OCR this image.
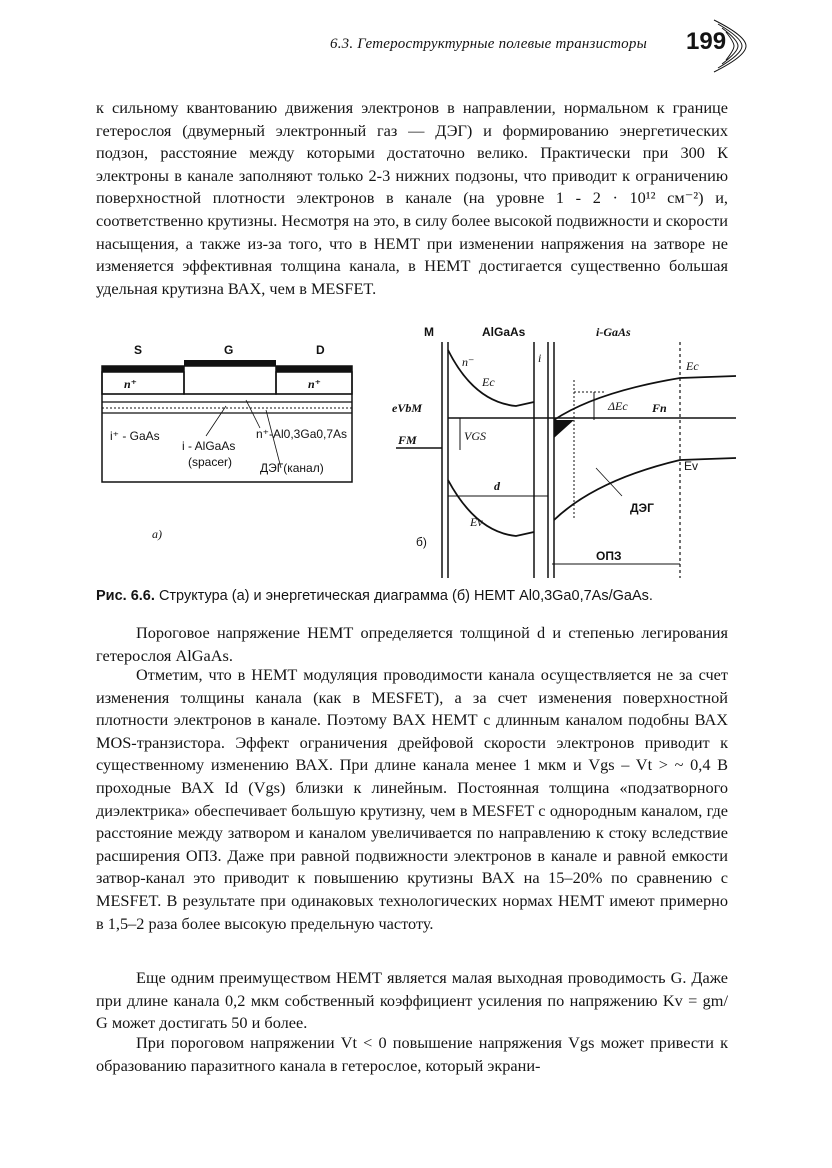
6.3. Гетероструктурные полевые транзисторы 199

к сильному квантованию движения электронов в направлении, нормальном к границе гетерослоя (двумерный электронный газ — ДЭГ) и формированию энергетических подзон, расстояние между которыми достаточно велико. Практически при 300 К электроны в канале заполняют только 2-3 нижних подзоны, что приводит к ограничению поверхностной плотности электронов в канале (на уровне 1 - 2 · 10¹² см⁻²) и, соответственно крутизны. Несмотря на это, в силу более высокой подвижности и скорости насыщения, а также из-за того, что в НЕМТ при изменении напряжения на затворе не изменяется эффективная толщина канала, в НЕМТ достигается существенно большая удельная крутизна ВАХ, чем в MESFET.

S	G	D
n⁺	n⁺
i⁺ - GaAs
i - AlGaAs
(spacer)
n⁺-Al0,3Ga0,7As
ДЭГ(канал)
а)
M	AlGaAs	i-GaAs
n⁻	i
Ec
Ec
eVbM	Fn
FM	VGS
ΔEc
Ev
d
Ev
ДЭГ
ОПЗ
б)
Рис. 6.6. Структура (а) и энергетическая диаграмма (б) НЕМТ Al0,3Ga0,7As/GaAs.

Пороговое напряжение НЕМТ определяется толщиной d и степенью легирования гетерослоя AlGaAs.

Отметим, что в НЕМТ модуляция проводимости канала осуществляется не за счет изменения толщины канала (как в MESFET), а за счет изменения поверхностной плотности электронов в канале. Поэтому ВАХ НЕМТ с длинным каналом подобны ВАХ MOS-транзистора. Эффект ограничения дрейфовой скорости электронов приводит к существенному изменению ВАХ. При длине канала менее 1 мкм и Vgs – Vt > ~ 0,4 В проходные ВАХ Id (Vgs) близки к линейным. Постоянная толщина «подзатворного диэлектрика» обеспечивает большую крутизну, чем в MESFET с однородным каналом, где расстояние между затвором и каналом увеличивается по направлению к стоку вследствие расширения ОПЗ. Даже при равной подвижности электронов в канале и равной емкости затвор-канал это приводит к повышению крутизны ВАХ на 15–20% по сравнению с MESFET. В результате при одинаковых технологических нормах НЕМТ имеют примерно в 1,5–2 раза более высокую предельную частоту.

Еще одним преимуществом НЕМТ является малая выходная проводимость G. Даже при длине канала 0,2 мкм собственный коэффициент усиления по напряжению Kv = gm/ G может достигать 50 и более.

При пороговом напряжении Vt < 0 повышение напряжения Vgs может привести к образованию паразитного канала в гетерослое, который экрани-
